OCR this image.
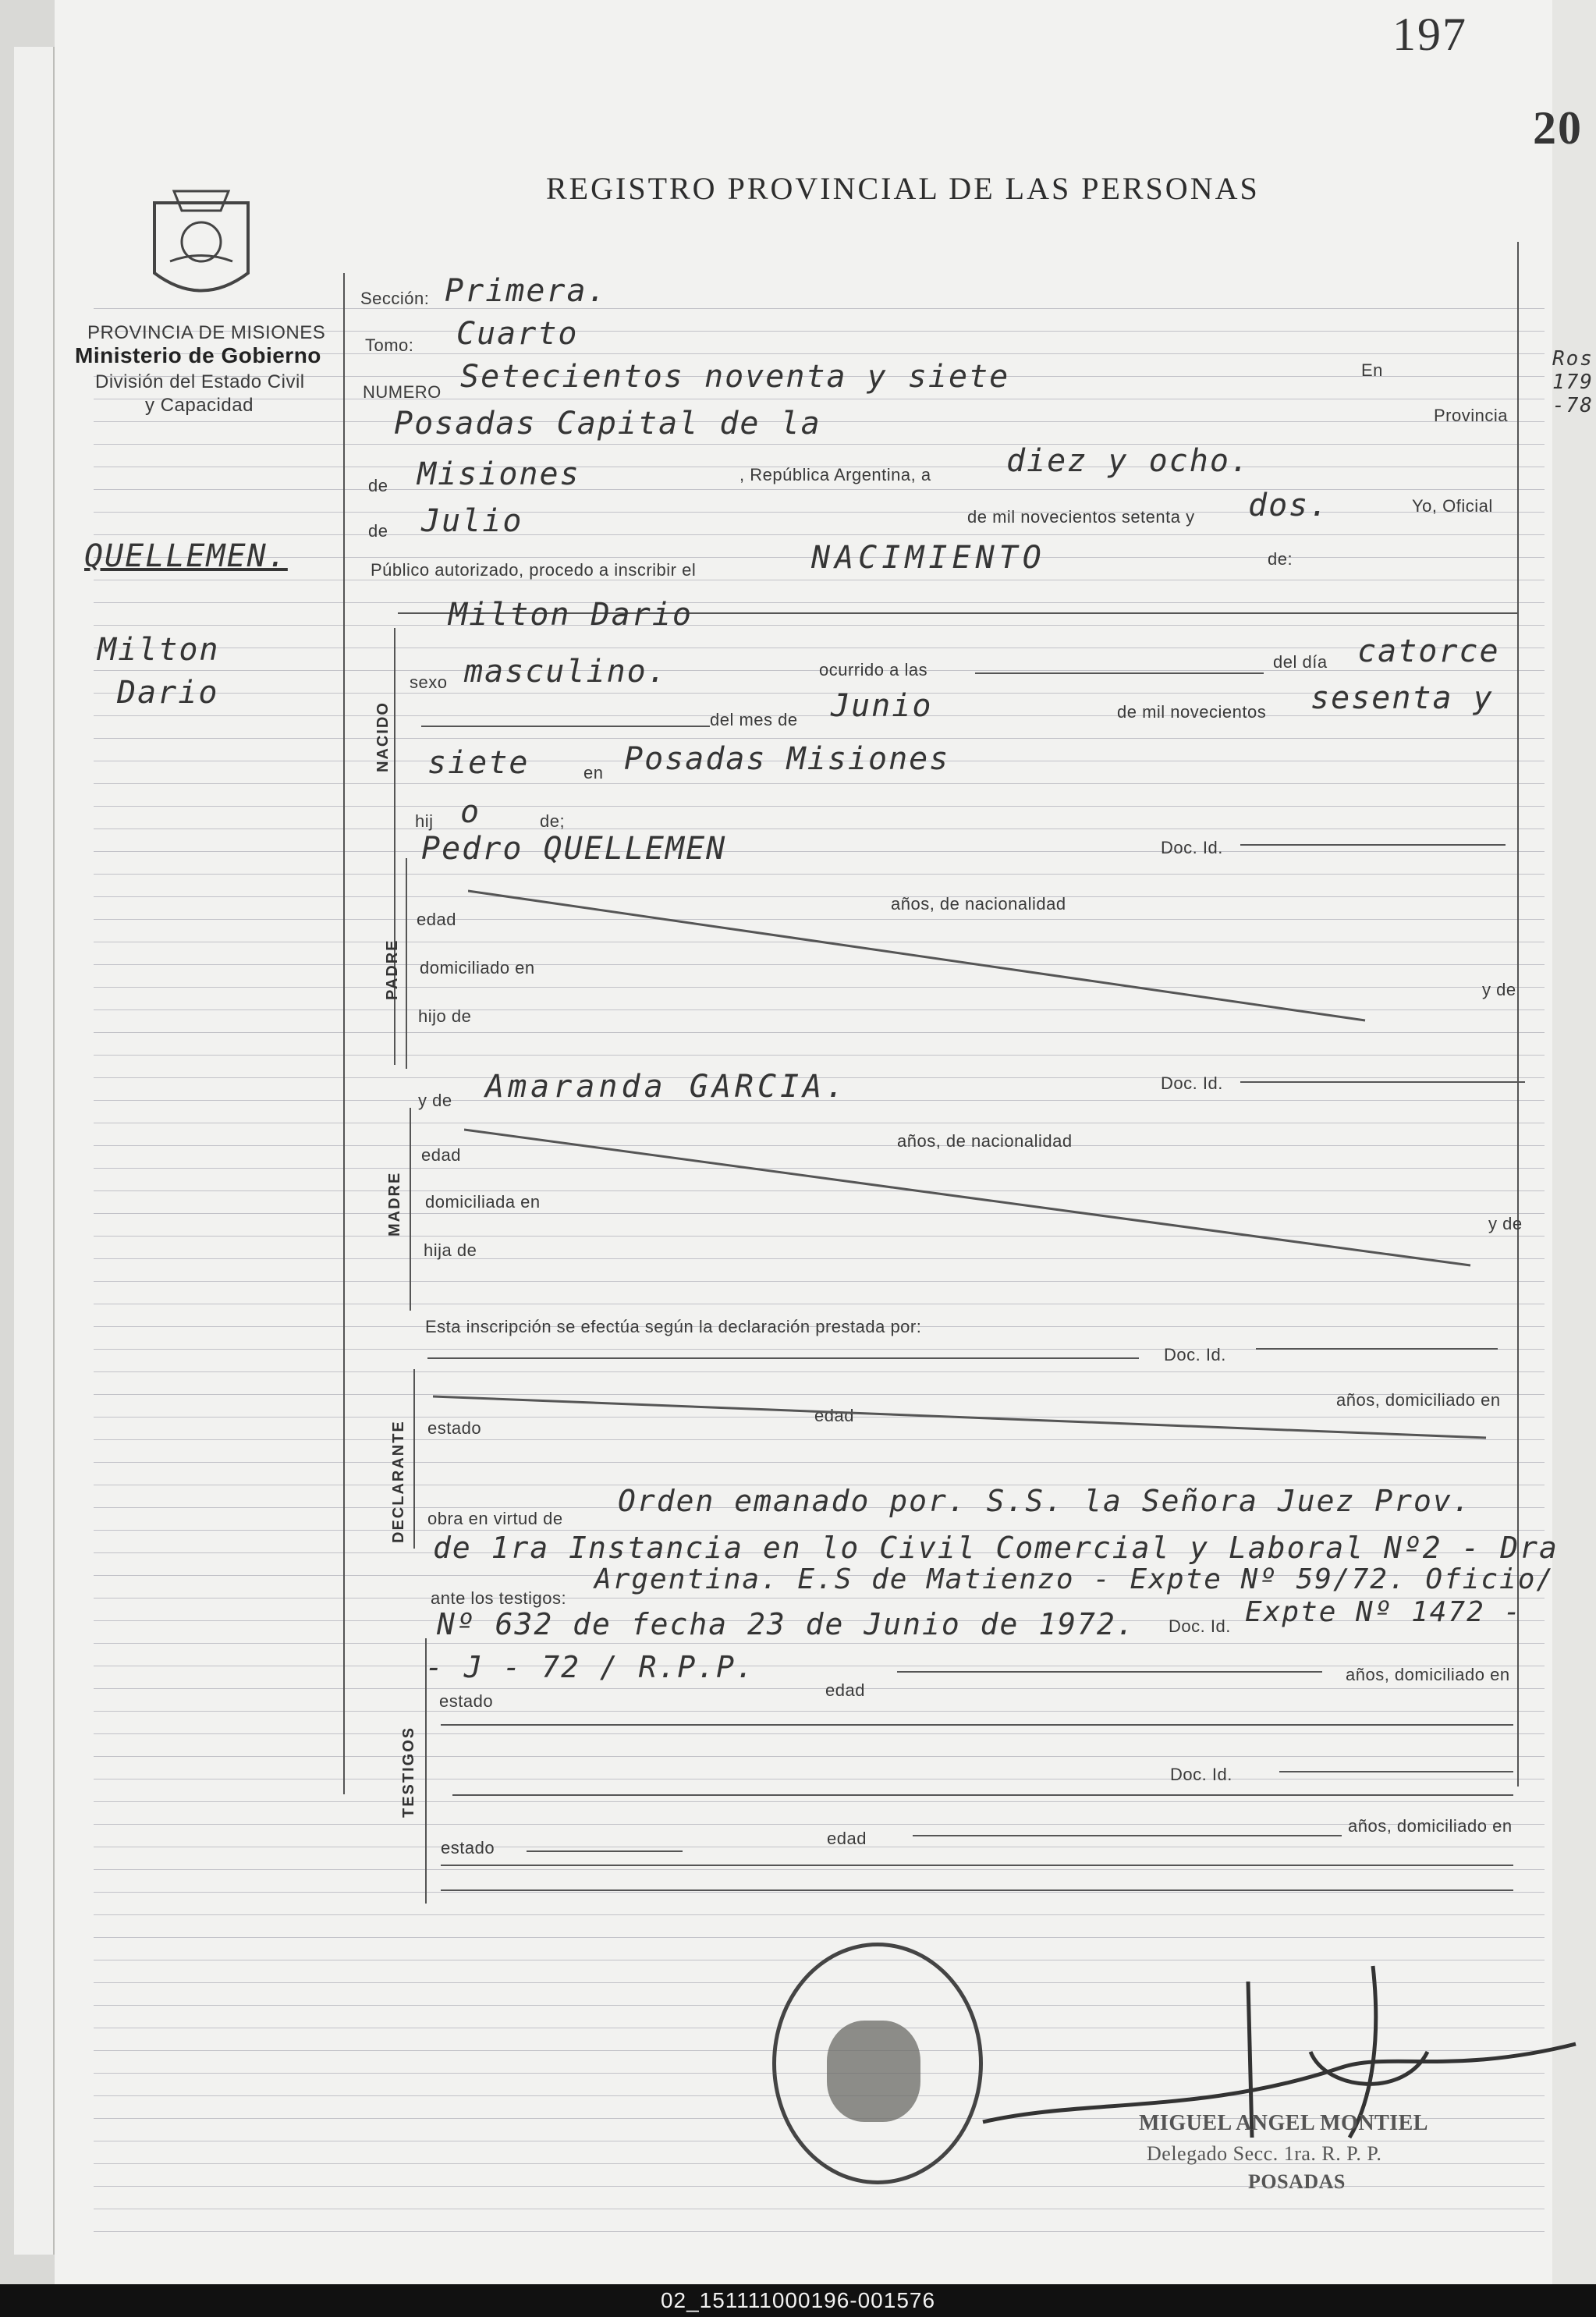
197
20
Ros 179 -78
PROVINCIA DE MISIONES
Ministerio de Gobierno
División del Estado Civil
y Capacidad
REGISTRO PROVINCIAL DE LAS PERSONAS
QUELLEMEN.
Milton
Dario
Sección: Primera.
Tomo: Cuarto
NUMERO Setecientos noventa y siete	En
Posadas Capital de la	Provincia
de Misiones	, República Argentina, a diez y ocho.
de Julio	de mil novecientos setenta y dos.	Yo, Oficial
Público autorizado, procedo a inscribir el	NACIMIENTO	de:
NACIDO
Milton Dario
sexo masculino.	ocurrido a las	del día catorce
del mes de Junio	de mil novecientos sesenta y
siete	en Posadas Misiones
hij o	de;
Pedro QUELLEMEN	Doc. Id.
PADRE
edad
años, de nacionalidad
domiciliado en
y de
hijo de
y de Amaranda GARCIA.	Doc. Id.
MADRE
edad
años, de nacionalidad
domiciliada en
y de
hija de
Esta inscripción se efectúa según la declaración prestada por:
Doc. Id.
DECLARANTE estado
edad
años, domiciliado en
obra en virtud de
Orden emanado por. S.S. la Señora Juez Prov.
de 1ra Instancia en lo Civil Comercial y Laboral Nº2 - Dra
ante los testigos:
Argentina. E.S de Matienzo - Expte Nº 59/72. Oficio/
Nº 632 de fecha 23 de Junio de 1972. Doc. Id. Expte Nº 1472 -
- J - 72 / R.P.P.
TESTIGOS
estado
edad
años, domiciliado en
Doc. Id.
estado	edad
años, domiciliado en
MIGUEL ANGEL MONTIEL
Delegado Secc. 1ra. R. P. P.
POSADAS
02_151111000196-001576
